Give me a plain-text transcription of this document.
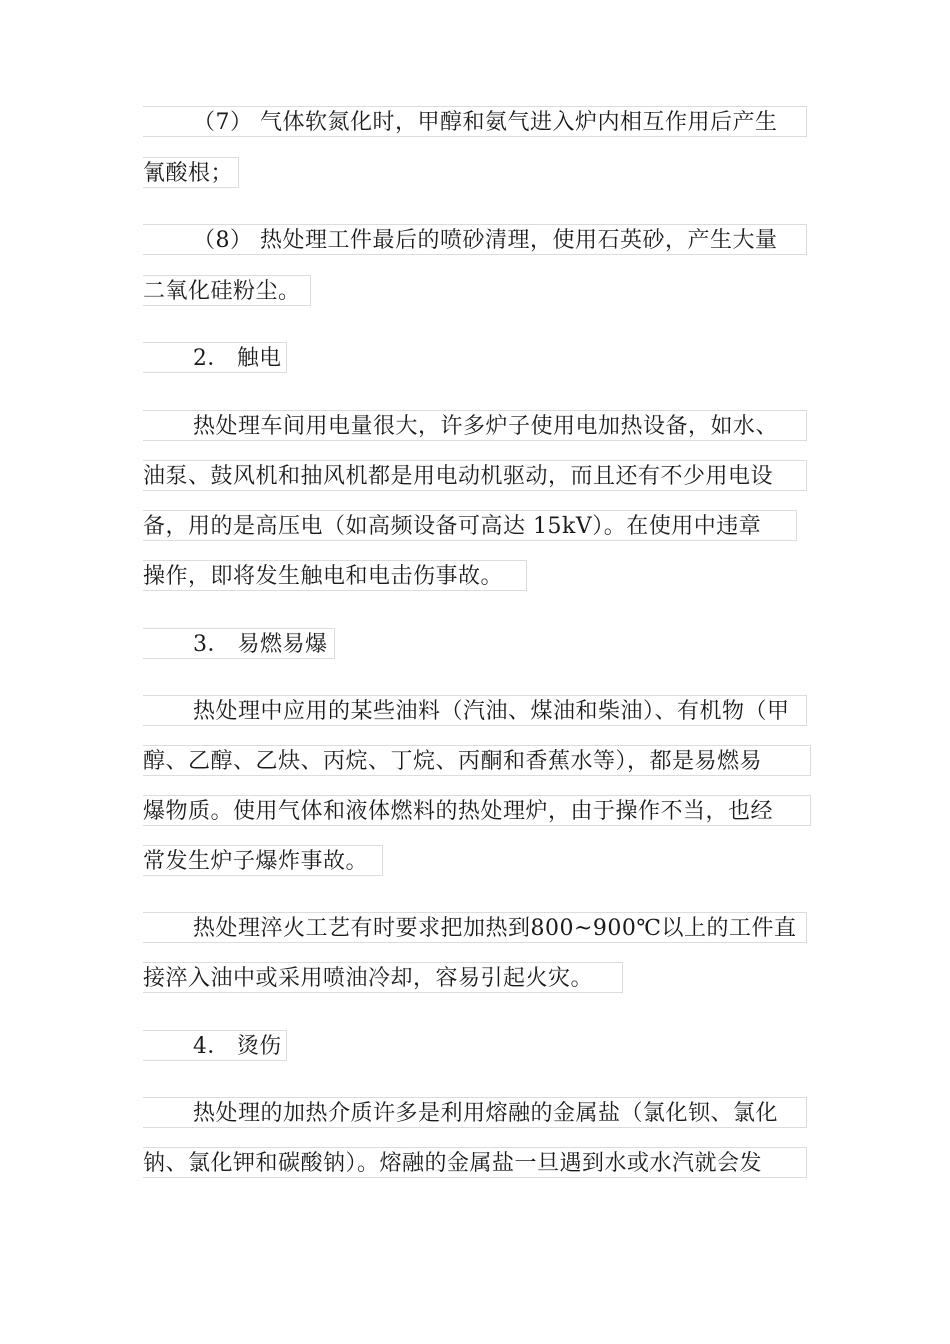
（7） 气体软氮化时，甲醇和氨气进入炉内相互作用后产生
氰酸根；
（8） 热处理工件最后的喷砂清理，使用石英砂，产生大量
二氧化硅粉尘。
2． 触电
热处理车间用电量很大，许多炉子使用电加热设备，如水、
油泵、鼓风机和抽风机都是用电动机驱动，而且还有不少用电设
备，用的是高压电（如高频设备可高达 15kV）。在使用中违章
操作，即将发生触电和电击伤事故。
3． 易燃易爆
热处理中应用的某些油料（汽油、煤油和柴油）、有机物（甲
醇、乙醇、乙炔、丙烷、丁烷、丙酮和香蕉水等），都是易燃易
爆物质。使用气体和液体燃料的热处理炉，由于操作不当，也经
常发生炉子爆炸事故。
热处理淬火工艺有时要求把加热到800~900℃以上的工件直
接淬入油中或采用喷油冷却，容易引起火灾。
4． 烫伤
热处理的加热介质许多是利用熔融的金属盐（氯化钡、氯化
钠、氯化钾和碳酸钠）。熔融的金属盐一旦遇到水或水汽就会发
